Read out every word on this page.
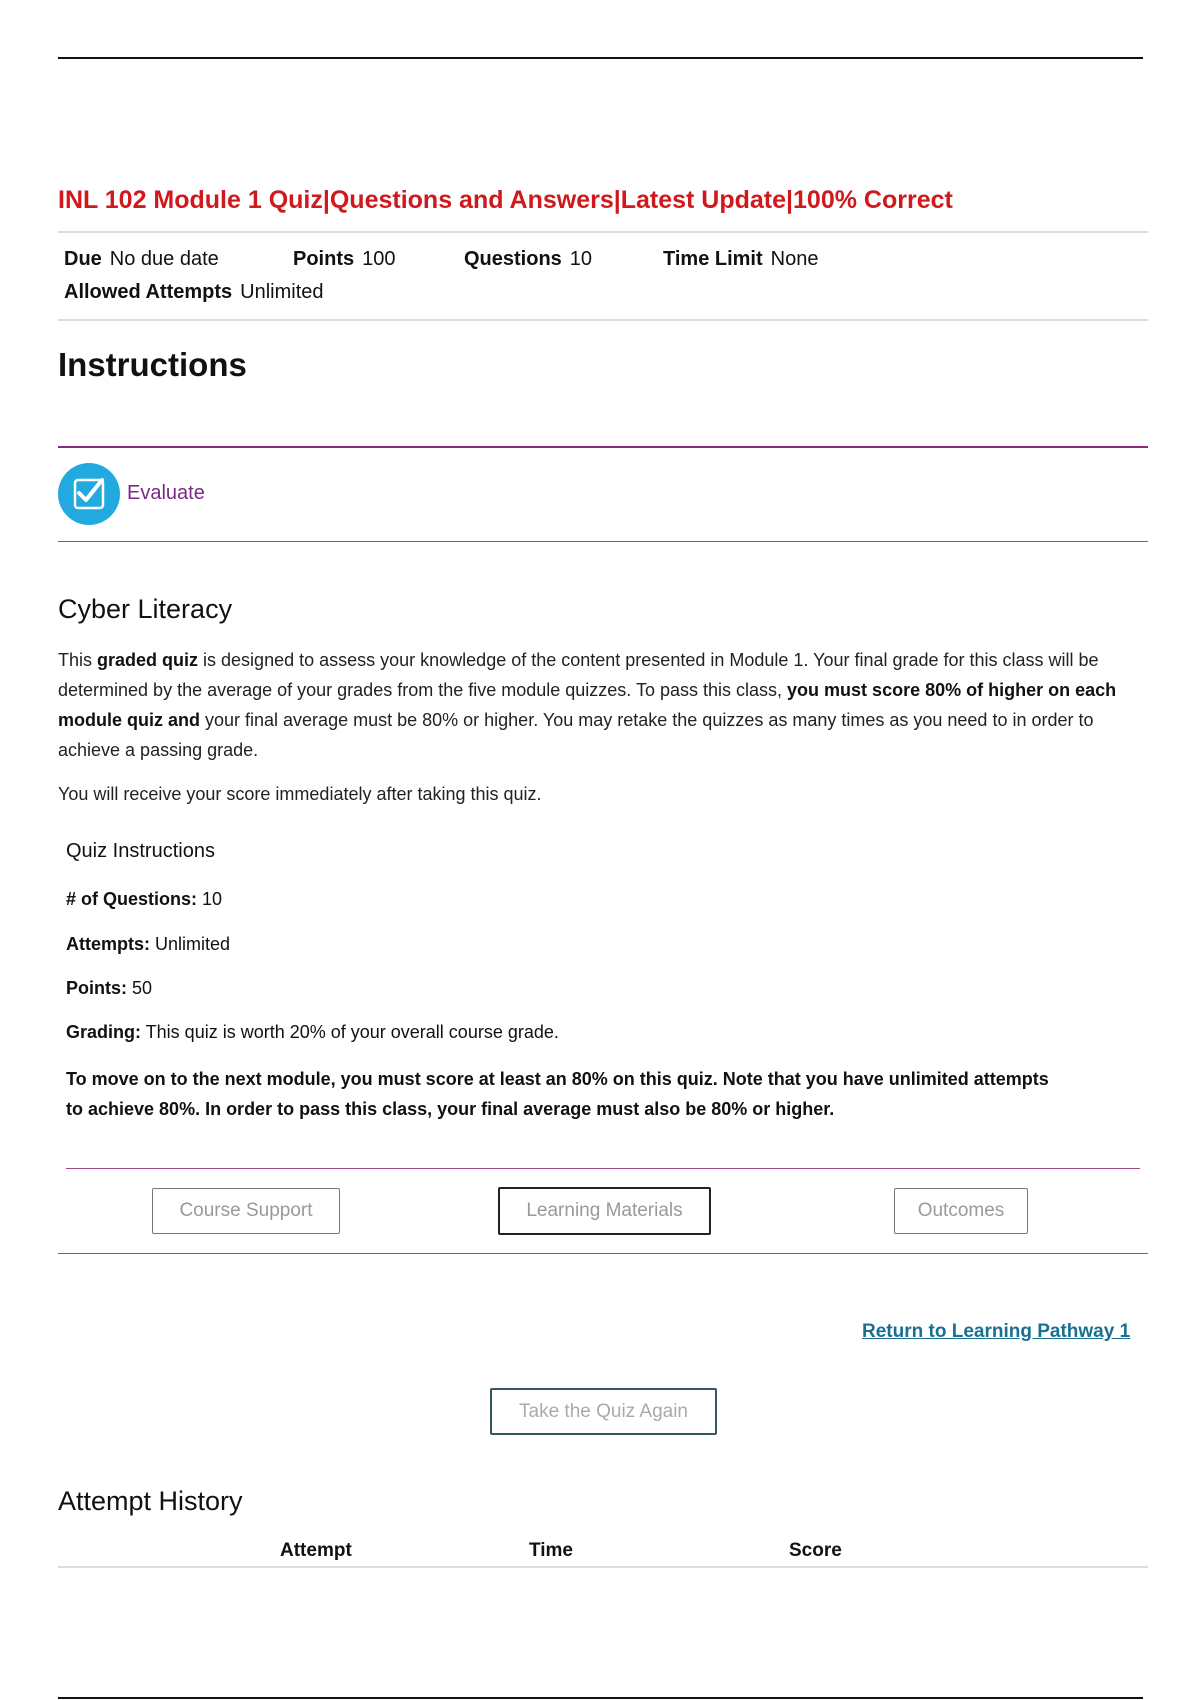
INL 102 Module 1 Quiz|Questions and Answers|Latest Update|100% Correct
Due No due date	Points 100	Questions 10	Time Limit None
Allowed Attempts Unlimited
Instructions
Evaluate
Cyber Literacy
This graded quiz is designed to assess your knowledge of the content presented in Module 1. Your final grade for this class will be determined by the average of your grades from the five module quizzes. To pass this class, you must score 80% of higher on each module quiz and your final average must be 80% or higher. You may retake the quizzes as many times as you need to in order to achieve a passing grade.
You will receive your score immediately after taking this quiz.
Quiz Instructions
# of Questions: 10
Attempts: Unlimited
Points: 50
Grading: This quiz is worth 20% of your overall course grade.
To move on to the next module, you must score at least an 80% on this quiz. Note that you have unlimited attempts to achieve 80%. In order to pass this class, your final average must also be 80% or higher.
Course Support	Learning Materials	Outcomes
Return to Learning Pathway 1
Take the Quiz Again
Attempt History
Attempt	Time	Score
